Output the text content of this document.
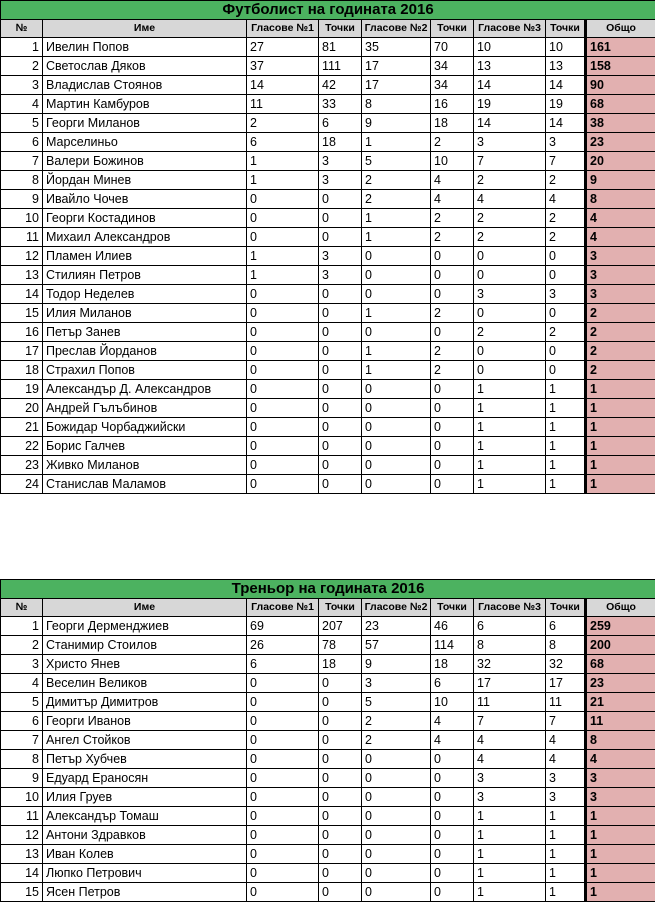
Футболист на годината 2016								
№	Име	Гласове №1	Точки	Гласове №2	Точки	Гласове №3	Точки	Общо
1	Ивелин Попов	27	81	35	70	10	10	161
2	Светослав Дяков	37	111	17	34	13	13	158
3	Владислав Стоянов	14	42	17	34	14	14	90
4	Мартин Камбуров	11	33	8	16	19	19	68
5	Георги Миланов	2	6	9	18	14	14	38
6	Марселиньо	6	18	1	2	3	3	23
7	Валери Божинов	1	3	5	10	7	7	20
8	Йордан Минев	1	3	2	4	2	2	9
9	Ивайло Чочев	0	0	2	4	4	4	8
10	Георги Костадинов	0	0	1	2	2	2	4
11	Михаил Александров	0	0	1	2	2	2	4
12	Пламен Илиев	1	3	0	0	0	0	3
13	Стилиян Петров	1	3	0	0	0	0	3
14	Тодор Неделев	0	0	0	0	3	3	3
15	Илия Миланов	0	0	1	2	0	0	2
16	Петър Занев	0	0	0	0	2	2	2
17	Преслав Йорданов	0	0	1	2	0	0	2
18	Страхил Попов	0	0	1	2	0	0	2
19	Александър Д. Александров	0	0	0	0	1	1	1
20	Андрей Гълъбинов	0	0	0	0	1	1	1
21	Божидар Чорбаджийски	0	0	0	0	1	1	1
22	Борис Галчев	0	0	0	0	1	1	1
23	Живко Миланов	0	0	0	0	1	1	1
24	Станислав Маламов	0	0	0	0	1	1	1
Треньор на годината 2016								
№	Име	Гласове №1	Точки	Гласове №2	Точки	Гласове №3	Точки	Общо
1	Георги Дерменджиев	69	207	23	46	6	6	259
2	Станимир Стоилов	26	78	57	114	8	8	200
3	Христо Янев	6	18	9	18	32	32	68
4	Веселин Великов	0	0	3	6	17	17	23
5	Димитър Димитров	0	0	5	10	11	11	21
6	Георги Иванов	0	0	2	4	7	7	11
7	Ангел Стойков	0	0	2	4	4	4	8
8	Петър Хубчев	0	0	0	0	4	4	4
9	Едуард Ераносян	0	0	0	0	3	3	3
10	Илия Груев	0	0	0	0	3	3	3
11	Александър Томаш	0	0	0	0	1	1	1
12	Антони Здравков	0	0	0	0	1	1	1
13	Иван Колев	0	0	0	0	1	1	1
14	Люпко Петрович	0	0	0	0	1	1	1
15	Ясен Петров	0	0	0	0	1	1	1
